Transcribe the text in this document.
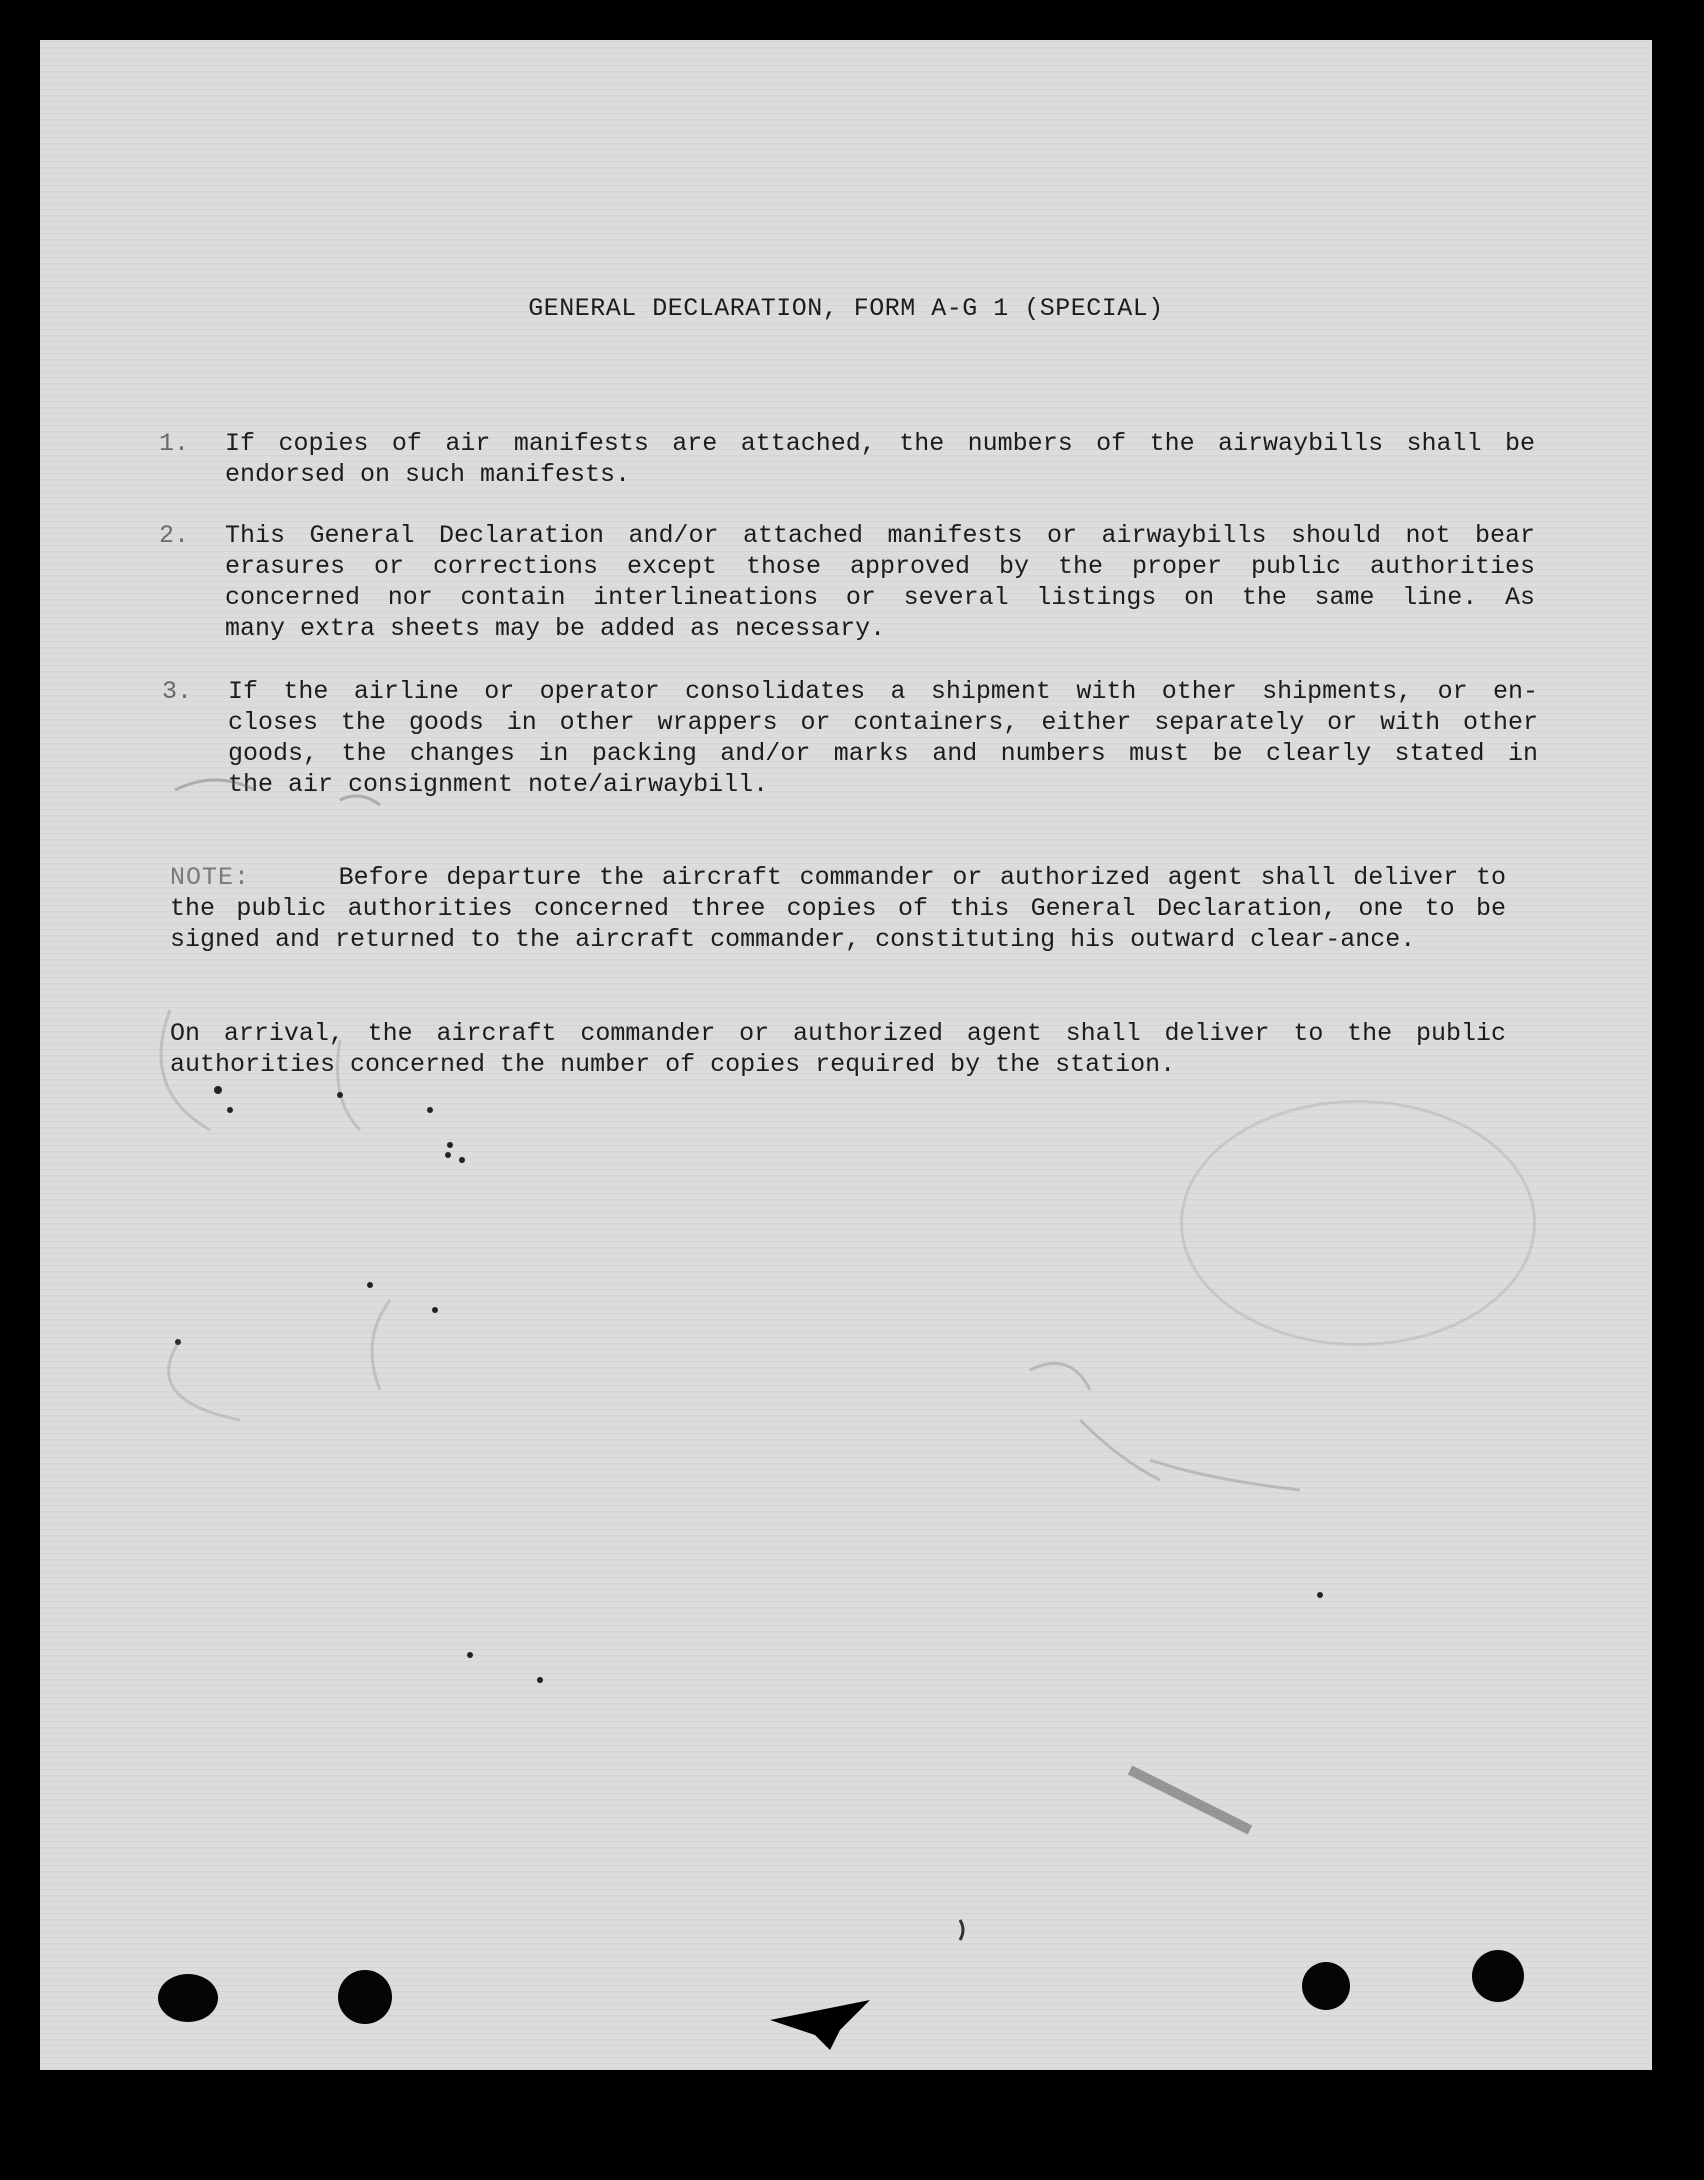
GENERAL DECLARATION, FORM A-G 1 (SPECIAL)
1. If copies of air manifests are attached, the numbers of the airwaybills shall be
endorsed on such manifests.
2. This General Declaration and/or attached manifests or airwaybills should not bear
erasures or corrections except those approved by the proper public authorities
concerned nor contain interlineations or several listings on the same line. As
many extra sheets may be added as necessary.
3. If the airline or operator consolidates a shipment with other shipments, or en-
closes the goods in other wrappers or containers, either separately or with other
goods, the changes in packing and/or marks and numbers must be clearly stated in
the air consignment note/airwaybill.
NOTE:	Before departure the aircraft commander or authorized agent shall deliver to the public authorities concerned three copies of this General Declaration, one to be signed and returned to the aircraft commander, constituting his outward clear-ance.
On arrival, the aircraft commander or authorized agent shall deliver to the public authorities concerned the number of copies required by the station.
